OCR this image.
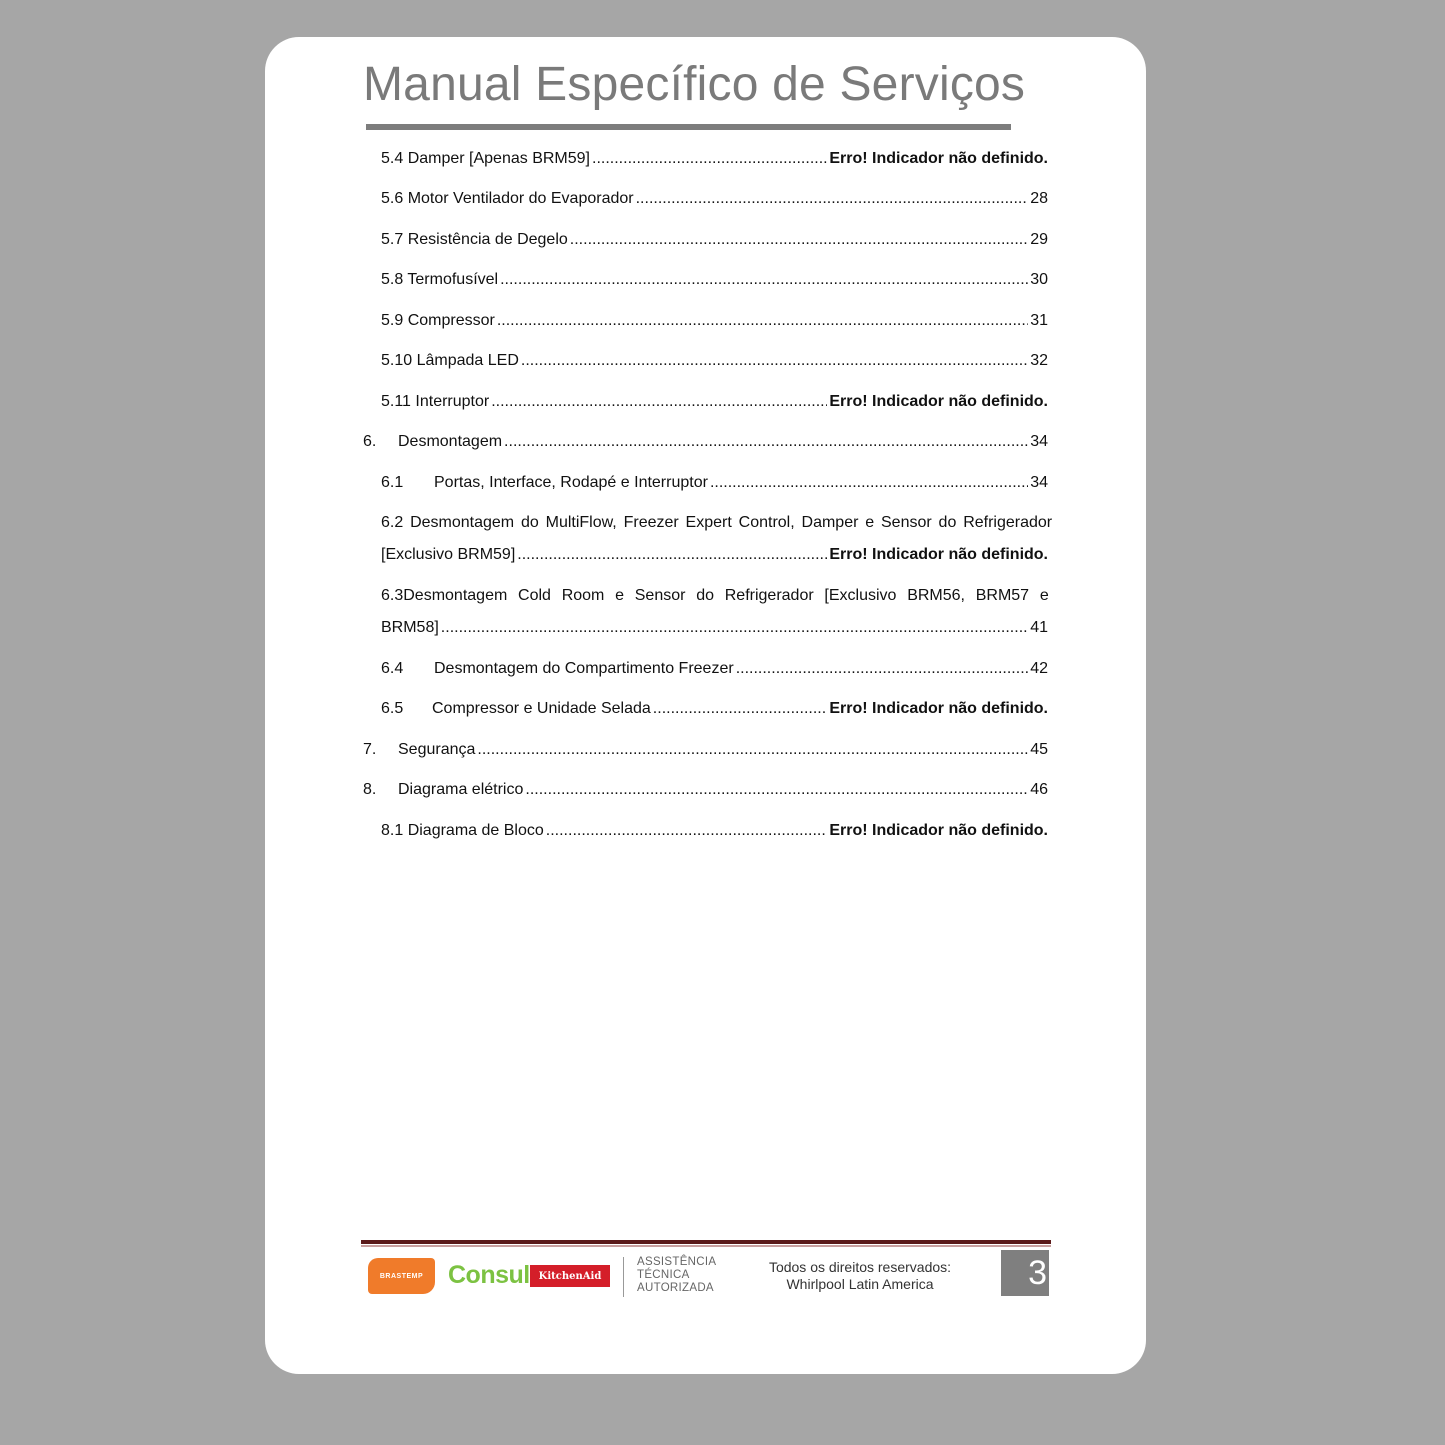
Manual Específico de Serviços
5.4 Damper [Apenas BRM59] .....	Erro! Indicador não definido.
5.6 Motor Ventilador do Evaporador .....	28
5.7 Resistência de Degelo .....	29
5.8 Termofusível .....	30
5.9 Compressor .....	31
5.10 Lâmpada LED .....	32
5.11 Interruptor .....	Erro! Indicador não definido.
6.	Desmontagem .....	34
6.1	Portas, Interface, Rodapé e Interruptor .....	34
6.2 Desmontagem do MultiFlow, Freezer Expert Control, Damper e Sensor do Refrigerador
[Exclusivo BRM59] .....	Erro! Indicador não definido.
6.3 Desmontagem Cold Room e Sensor do Refrigerador [Exclusivo BRM56, BRM57 e
BRM58] .....	41
6.4	Desmontagem do Compartimento Freezer .....	42
6.5	Compressor e Unidade Selada .....	Erro! Indicador não definido.
7.	Segurança .....	45
8.	Diagrama elétrico .....	46
8.1 Diagrama de Bloco .....	Erro! Indicador não definido.
BRASTEMP Consul KitchenAid
ASSISTÊNCIA
TÉCNICA
AUTORIZADA
Todos os direitos reservados:
Whirlpool Latin America	3
